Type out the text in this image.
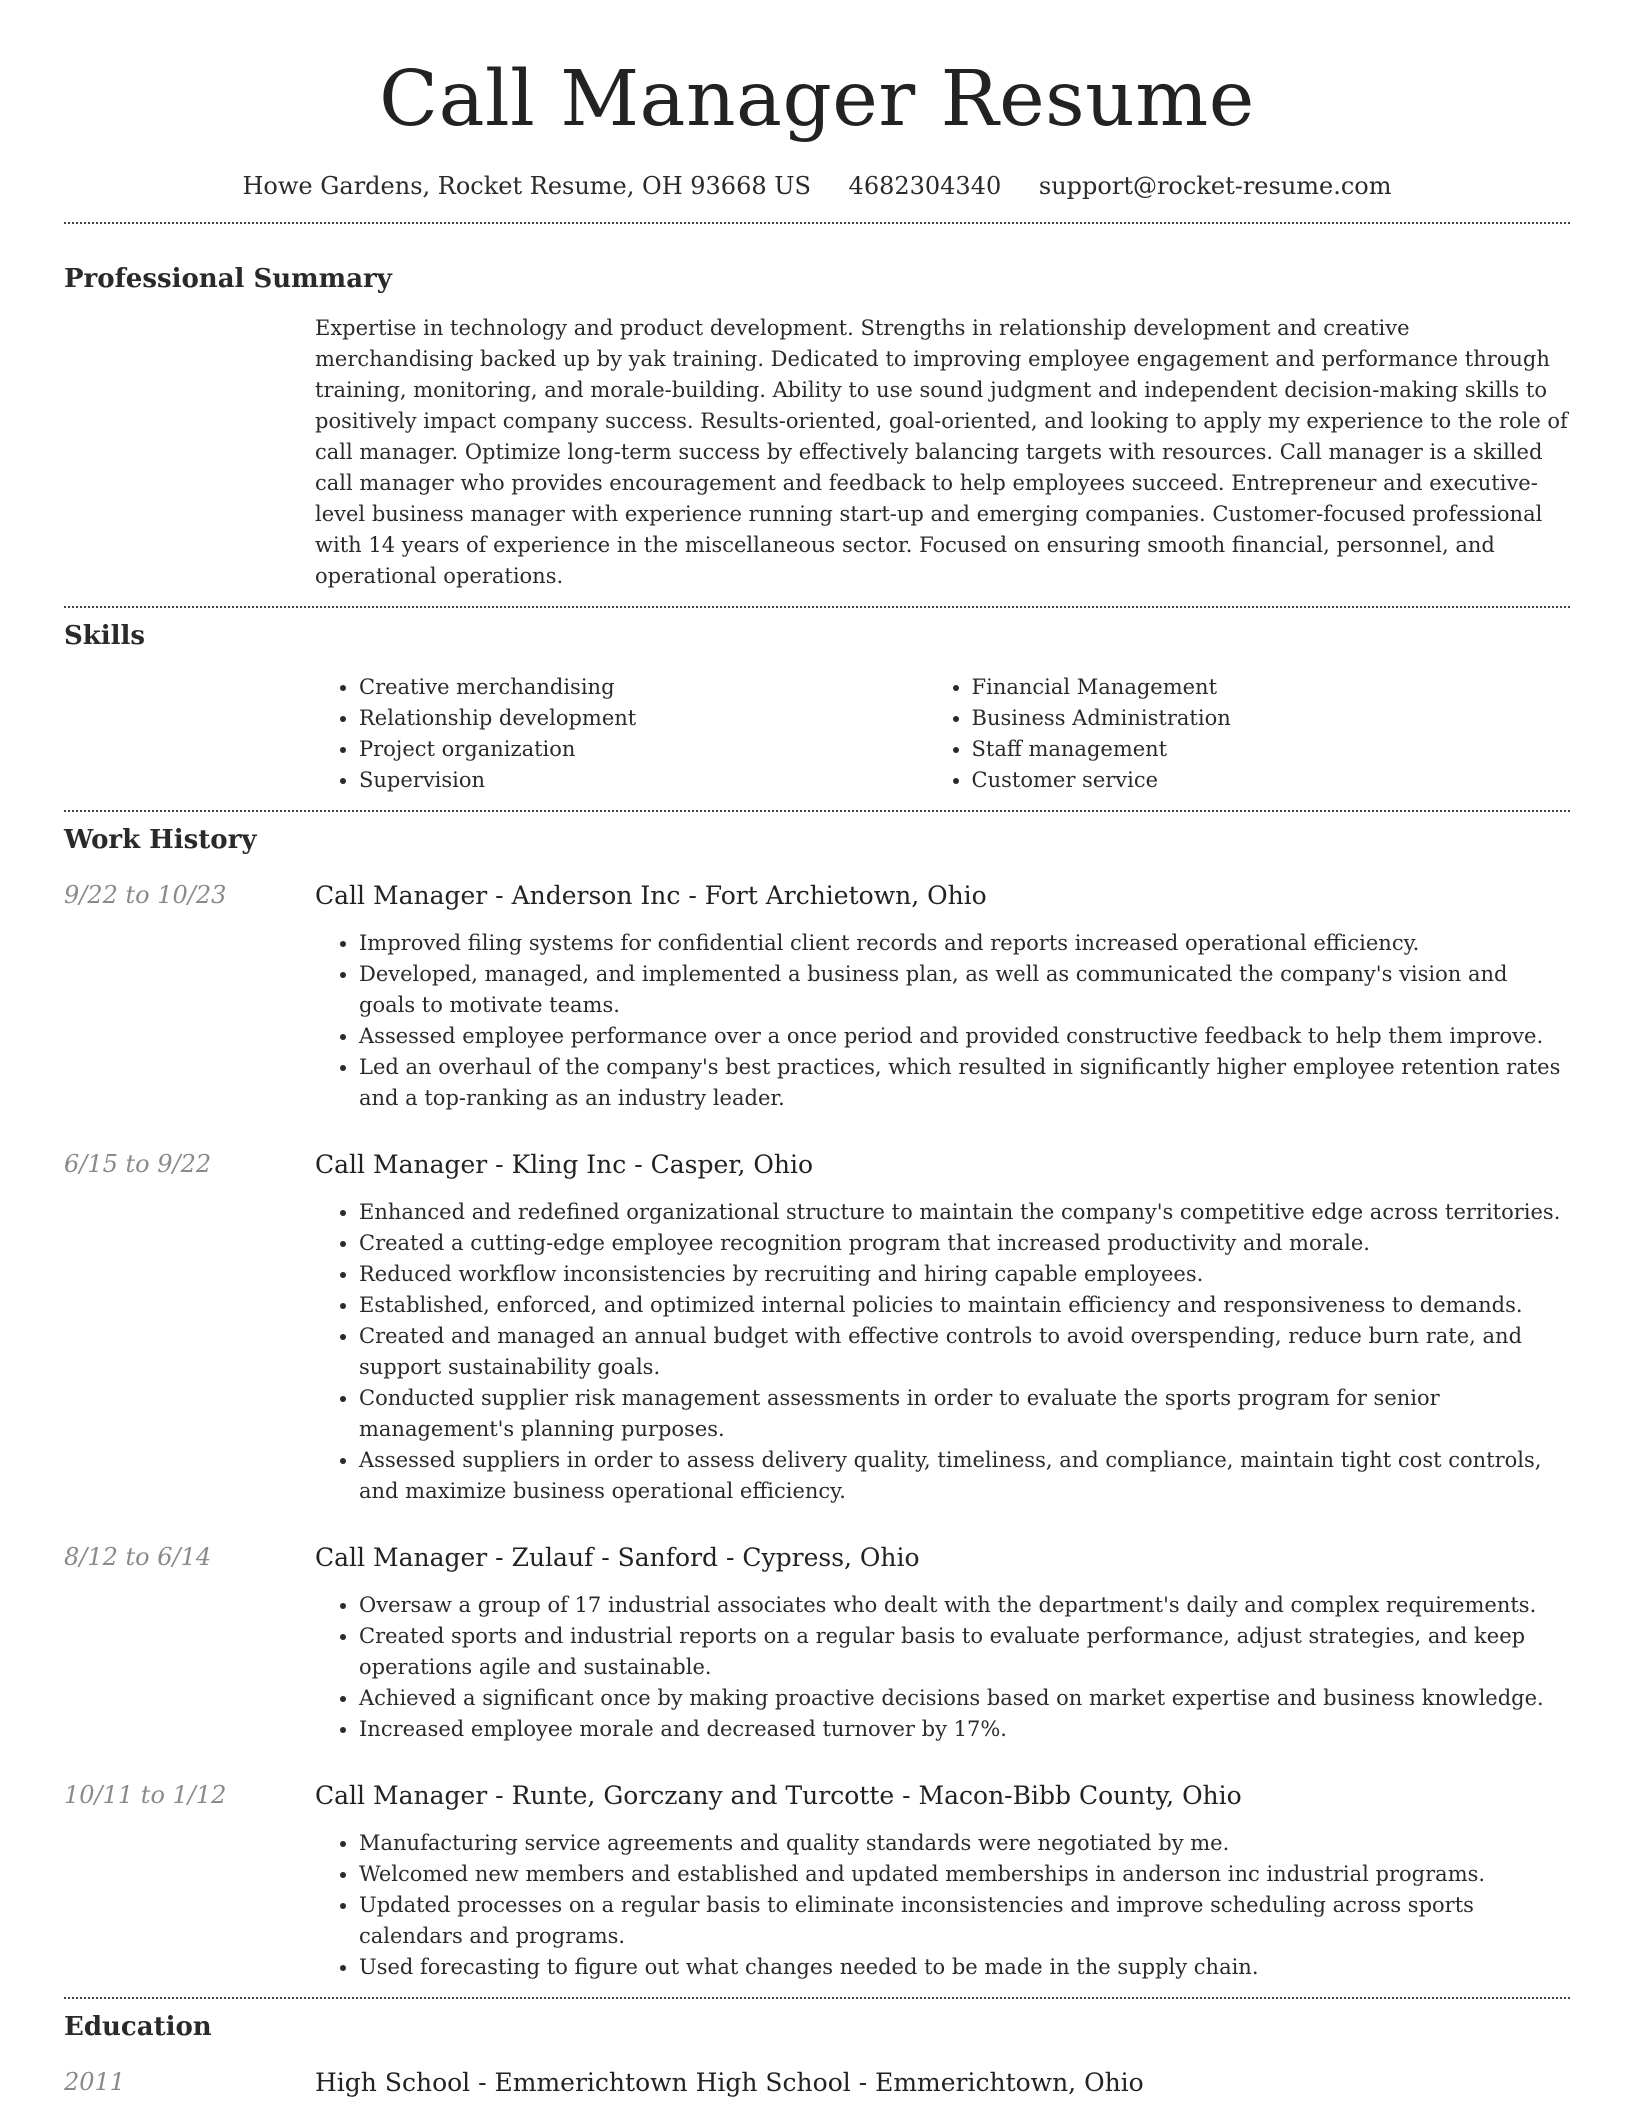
Call Manager Resume
Howe Gardens, Rocket Resume, OH 93668 US 4682304340 support@rocket-resume.com
Professional Summary

Expertise in technology and product development. Strengths in relationship development and creative merchandising backed up by yak training. Dedicated to improving employee engagement and performance through training, monitoring, and morale-building. Ability to use sound judgment and independent decision-making skills to positively impact company success. Results-oriented, goal-oriented, and looking to apply my experience to the role of call manager. Optimize long-term success by effectively balancing targets with resources. Call manager is a skilled call manager who provides encouragement and feedback to help employees succeed. Entrepreneur and executive-level business manager with experience running start-up and emerging companies. Customer-focused professional with 14 years of experience in the miscellaneous sector. Focused on ensuring smooth financial, personnel, and operational operations.

Skills
• Creative merchandising
• Relationship development
• Project organization
• Supervision
• Financial Management
• Business Administration
• Staff management
• Customer service
Work History
9/22 to 10/23	Call Manager - Anderson Inc - Fort Archietown, Ohio
• Improved filing systems for confidential client records and reports increased operational efficiency.
• Developed, managed, and implemented a business plan, as well as communicated the company's vision and goals to motivate teams.
• Assessed employee performance over a once period and provided constructive feedback to help them improve.
• Led an overhaul of the company's best practices, which resulted in significantly higher employee retention rates and a top-ranking as an industry leader.
6/15 to 9/22	Call Manager - Kling Inc - Casper, Ohio
• Enhanced and redefined organizational structure to maintain the company's competitive edge across territories.
• Created a cutting-edge employee recognition program that increased productivity and morale.
• Reduced workflow inconsistencies by recruiting and hiring capable employees.
• Established, enforced, and optimized internal policies to maintain efficiency and responsiveness to demands.
• Created and managed an annual budget with effective controls to avoid overspending, reduce burn rate, and support sustainability goals.
• Conducted supplier risk management assessments in order to evaluate the sports program for senior management's planning purposes.
• Assessed suppliers in order to assess delivery quality, timeliness, and compliance, maintain tight cost controls, and maximize business operational efficiency.
8/12 to 6/14	Call Manager - Zulauf - Sanford - Cypress, Ohio
• Oversaw a group of 17 industrial associates who dealt with the department's daily and complex requirements.
• Created sports and industrial reports on a regular basis to evaluate performance, adjust strategies, and keep operations agile and sustainable.
• Achieved a significant once by making proactive decisions based on market expertise and business knowledge.
• Increased employee morale and decreased turnover by 17%.
10/11 to 1/12	Call Manager - Runte, Gorczany and Turcotte - Macon-Bibb County, Ohio
• Manufacturing service agreements and quality standards were negotiated by me.
• Welcomed new members and established and updated memberships in anderson inc industrial programs.
• Updated processes on a regular basis to eliminate inconsistencies and improve scheduling across sports calendars and programs.
• Used forecasting to figure out what changes needed to be made in the supply chain.
Education
2011	High School - Emmerichtown High School - Emmerichtown, Ohio
